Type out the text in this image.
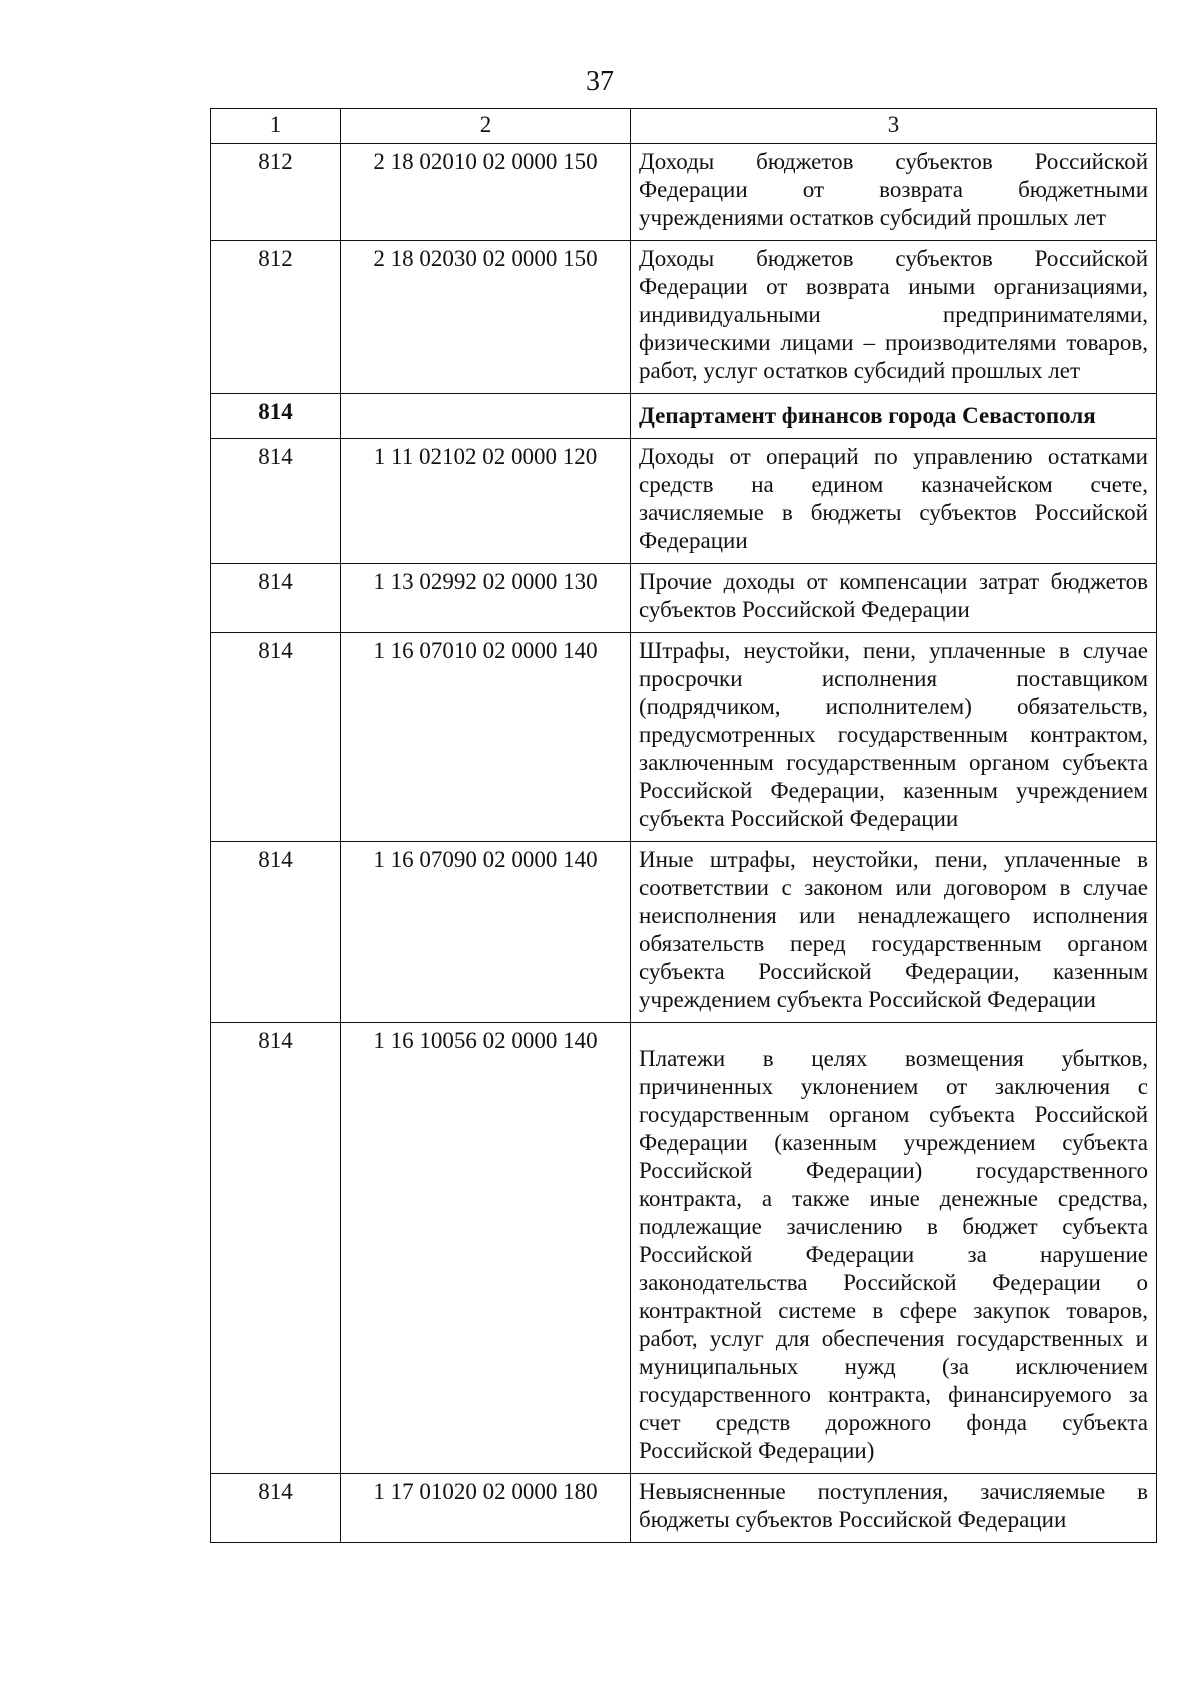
37
1	2	3
812	2 18 02010 02 0000 150	Доходы бюджетов субъектов Российской Федерации от возврата бюджетными учреждениями остатков субсидий прошлых лет
812	2 18 02030 02 0000 150	Доходы бюджетов субъектов Российской Федерации от возврата иными организациями, индивидуальными предпринимателями, физическими лицами – производителями товаров, работ, услуг остатков субсидий прошлых лет
814		Департамент финансов города Севастополя
814	1 11 02102 02 0000 120	Доходы от операций по управлению остатками средств на едином казначейском счете, зачисляемые в бюджеты субъектов Российской Федерации
814	1 13 02992 02 0000 130	Прочие доходы от компенсации затрат бюджетов субъектов Российской Федерации
814	1 16 07010 02 0000 140	Штрафы, неустойки, пени, уплаченные в случае просрочки исполнения поставщиком (подрядчиком, исполнителем) обязательств, предусмотренных государственным контрактом, заключенным государственным органом субъекта Российской Федерации, казенным учреждением субъекта Российской Федерации
814	1 16 07090 02 0000 140	Иные штрафы, неустойки, пени, уплаченные в соответствии с законом или договором в случае неисполнения или ненадлежащего исполнения обязательств перед государственным органом субъекта Российской Федерации, казенным учреждением субъекта Российской Федерации
814	1 16 10056 02 0000 140	Платежи в целях возмещения убытков, причиненных уклонением от заключения с государственным органом субъекта Российской Федерации (казенным учреждением субъекта Российской Федерации) государственного контракта, а также иные денежные средства, подлежащие зачислению в бюджет субъекта Российской Федерации за нарушение законодательства Российской Федерации о контрактной системе в сфере закупок товаров, работ, услуг для обеспечения государственных и муниципальных нужд (за исключением государственного контракта, финансируемого за счет средств дорожного фонда субъекта Российской Федерации)
814	1 17 01020 02 0000 180	Невыясненные поступления, зачисляемые в бюджеты субъектов Российской Федерации
